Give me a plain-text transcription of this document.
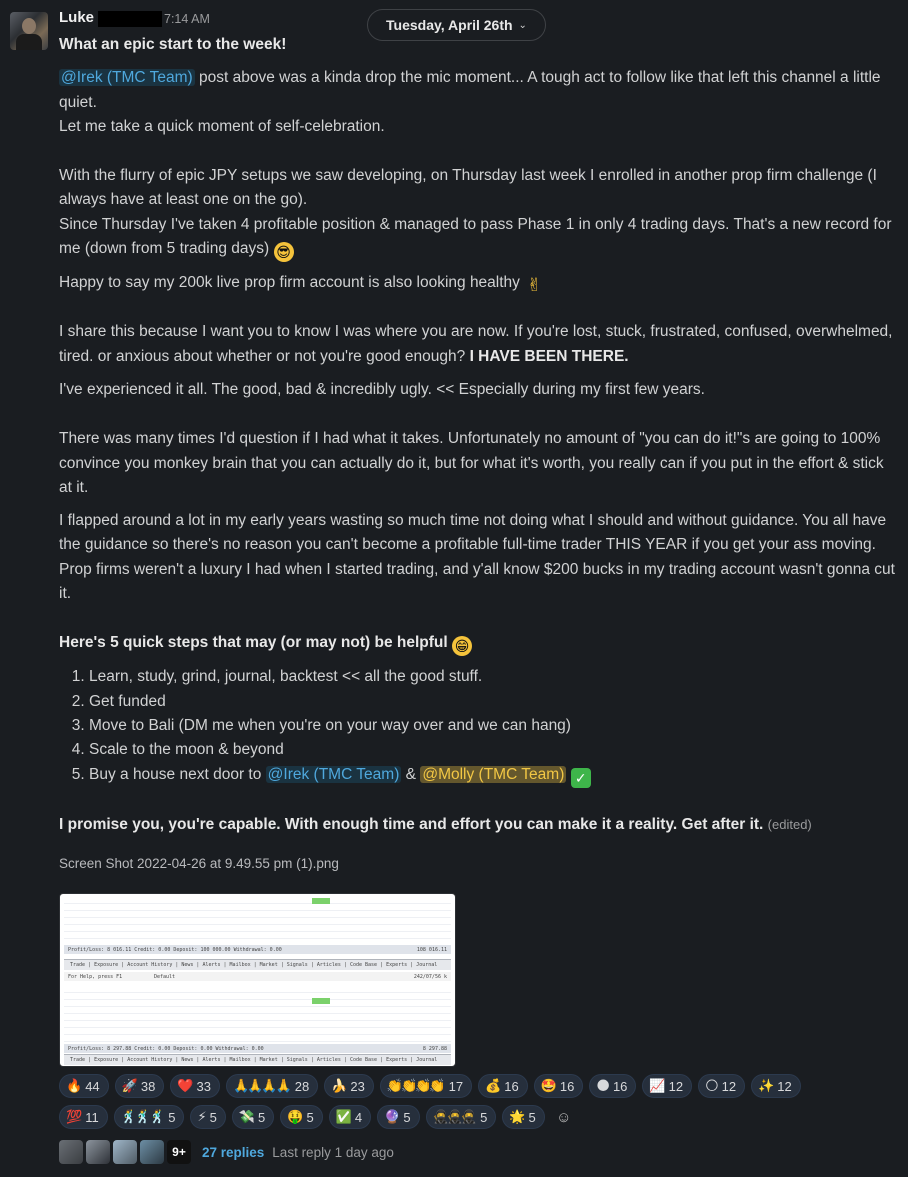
Luke	7:14 AM	Tuesday, April 26th ⌄

What an epic start to the week!

@Irek (TMC Team) post above was a kinda drop the mic moment... A tough act to follow like that left this channel a little quiet.

Let me take a quick moment of self-celebration.

With the flurry of epic JPY setups we saw developing, on Thursday last week I enrolled in another prop firm challenge (I always have at least one on the go).

Since Thursday I've taken 4 profitable position & managed to pass Phase 1 in only 4 trading days. That's a new record for me (down from 5 trading days) 😎

Happy to say my 200k live prop firm account is also looking healthy ✌

I share this because I want you to know I was where you are now. If you're lost, stuck, frustrated, confused, overwhelmed, tired. or anxious about whether or not you're good enough? I HAVE BEEN THERE.

I've experienced it all. The good, bad & incredibly ugly. << Especially during my first few years.

There was many times I'd question if I had what it takes. Unfortunately no amount of "you can do it!"s are going to 100% convince you monkey brain that you can actually do it, but for what it's worth, you really can if you put in the effort & stick at it.

I flapped around a lot in my early years wasting so much time not doing what I should and without guidance. You all have the guidance so there's no reason you can't become a profitable full-time trader THIS YEAR if you get your ass moving.

Prop firms weren't a luxury I had when I started trading, and y'all know $200 bucks in my trading account wasn't gonna cut it.

Here's 5 quick steps that may (or may not) be helpful 😁

1. Learn, study, grind, journal, backtest << all the good stuff.
2. Get funded
3. Move to Bali (DM me when you're on your way over and we can hang)
4. Scale to the moon & beyond
5. Buy a house next door to @Irek (TMC Team) & @Molly (TMC Team) ✓

I promise you, you're capable. With enough time and effort you can make it a reality. Get after it. (edited)

Screen Shot 2022-04-26 at 9.49.55 pm (1).png
Profit/Loss: 8 016.11 Credit: 0.00 Deposit: 100 000.00 Withdrawal: 0.00	108 016.11
Trade | Exposure | Account History | News | Alerts | Mailbox | Market | Signals | Articles | Code Base | Experts | Journal
For Help, press F1	Default	242/07/56 k
Profit/Loss: 8 297.88 Credit: 0.00 Deposit: 0.00 Withdrawal: 0.00	8 297.88
Trade | Exposure | Account History | News | Alerts | Mailbox | Market | Signals | Articles | Code Base | Experts | Journal
🔥 44 🚀 38 ❤️ 33 🙏🙏🙏🙏 28 🍌 23 👏👏👏👏 17 💰 16 🤩 16 🌑 16 📈 12 🌕 12 ✨ 12
💯 11 🕺🕺🕺 5 ⚡ 5 💸 5 🤑 5 ✅ 4 🔮 5 🥷🥷🥷 5 🌟 5	☺
9+	27 replies Last reply 1 day ago
